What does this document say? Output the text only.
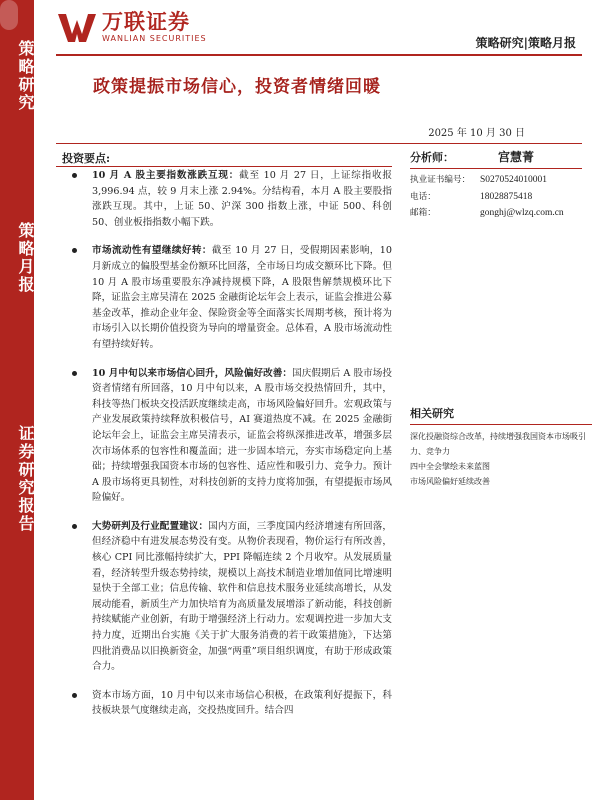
策略研究
策略月报
证券研究报告
万联证券
WANLIAN SECURITIES	策略研究|策略月报
政策提振市场信心，投资者情绪回暖
2025 年 10 月 30 日
投资要点:
10 月 A 股主要指数涨跌互现：截至 10 月 27 日，上证综指收报 3,996.94 点，较 9 月末上涨 2.94%。分结构看，本月 A 股主要股指涨跌互现。其中，上证 50、沪深 300 指数上涨，中证 500、科创 50、创业板指指数小幅下跌。
市场流动性有望继续好转：截至 10 月 27 日，受假期因素影响，10 月新成立的偏股型基金份额环比回落，全市场日均成交额环比下降。但 10 月 A 股市场重要股东净减持规模下降，A 股限售解禁规模环比下降，证监会主席吴清在 2025 金融街论坛年会上表示，证监会推进公募基金改革，推动企业年金、保险资金等全面落实长周期考核，预计将为市场引入以长期价值投资为导向的增量资金。总体看，A 股市场流动性有望持续好转。
10 月中旬以来市场信心回升，风险偏好改善：国庆假期后 A 股市场投资者情绪有所回落，10 月中旬以来，A 股市场交投热情回升，其中，科技等热门板块交投活跃度继续走高，市场风险偏好回升。宏观政策与产业发展政策持续释放积极信号，AI 赛道热度不减。在 2025 金融街论坛年会上，证监会主席吴清表示，证监会将纵深推进改革，增强多层次市场体系的包容性和覆盖面；进一步固本培元，夯实市场稳定向上基础；持续增强我国资本市场的包容性、适应性和吸引力、竞争力。预计 A 股市场将更具韧性，对科技创新的支持力度将加强，有望提振市场风险偏好。
大势研判及行业配置建议：国内方面，三季度国内经济增速有所回落，但经济稳中有进发展态势没有变。从物价表现看，物价运行有所改善，核心 CPI 同比涨幅持续扩大，PPI 降幅连续 2 个月收窄。从发展质量看，经济转型升级态势持续，规模以上高技术制造业增加值同比增速明显快于全部工业；信息传输、软件和信息技术服务业延续高增长，从发展动能看，新质生产力加快培育为高质量发展增添了新动能，科技创新持续赋能产业创新，有助于增强经济上行动力。宏观调控进一步加大支持力度，近期出台实施《关于扩大服务消费的若干政策措施》，下达第四批消费品以旧换新资金，加强“两重”项目组织调度，有助于形成政策合力。
资本市场方面，10 月中旬以来市场信心积极，在政策利好提振下，科技板块景气度继续走高，交投热度回升。结合四
分析师：	宫慧菁
执业证书编号：	S0270524010001
电话：	18028875418
邮箱：	gonghj@wlzq.com.cn
相关研究
深化投融资综合改革，持续增强我国资本市场吸引力、竞争力
四中全会擘绘未来蓝图
市场风险偏好延续改善
